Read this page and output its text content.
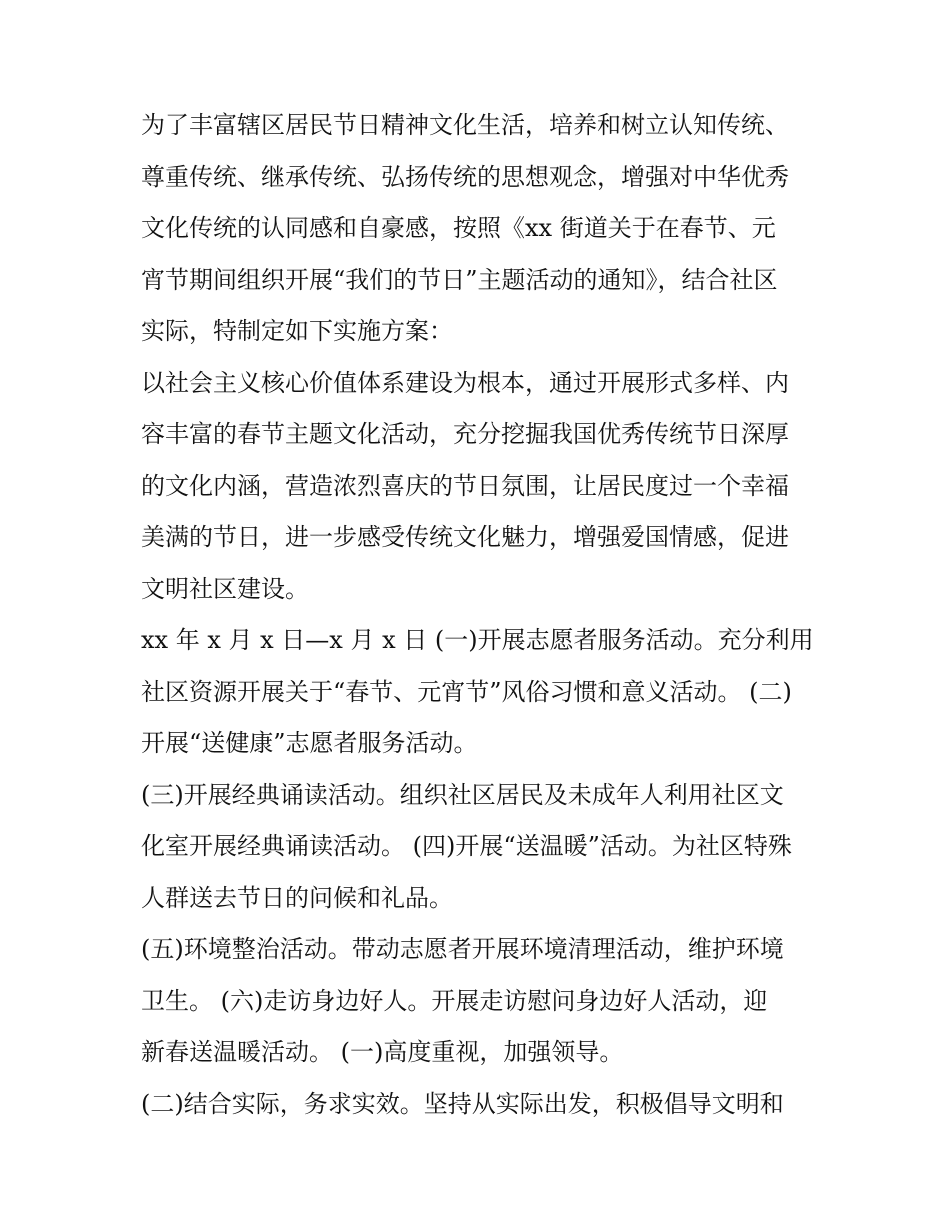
为了丰富辖区居民节日精神文化生活，培养和树立认知传统、
尊重传统、继承传统、弘扬传统的思想观念，增强对中华优秀
文化传统的认同感和自豪感，按照《xx 街道关于在春节、元
宵节期间组织开展“我们的节日”主题活动的通知》，结合社区
实际，特制定如下实施方案：
以社会主义核心价值体系建设为根本，通过开展形式多样、内
容丰富的春节主题文化活动，充分挖掘我国优秀传统节日深厚
的文化内涵，营造浓烈喜庆的节日氛围，让居民度过一个幸福
美满的节日，进一步感受传统文化魅力，增强爱国情感，促进
文明社区建设。
xx 年 x 月 x 日—x 月 x 日 (一)开展志愿者服务活动。充分利用
社区资源开展关于“春节、元宵节”风俗习惯和意义活动。 (二)
开展“送健康”志愿者服务活动。
(三)开展经典诵读活动。组织社区居民及未成年人利用社区文
化室开展经典诵读活动。 (四)开展“送温暖”活动。为社区特殊
人群送去节日的问候和礼品。
(五)环境整治活动。带动志愿者开展环境清理活动，维护环境
卫生。 (六)走访身边好人。开展走访慰问身边好人活动，迎
新春送温暖活动。 (一)高度重视，加强领导。
(二)结合实际，务求实效。坚持从实际出发，积极倡导文明和
